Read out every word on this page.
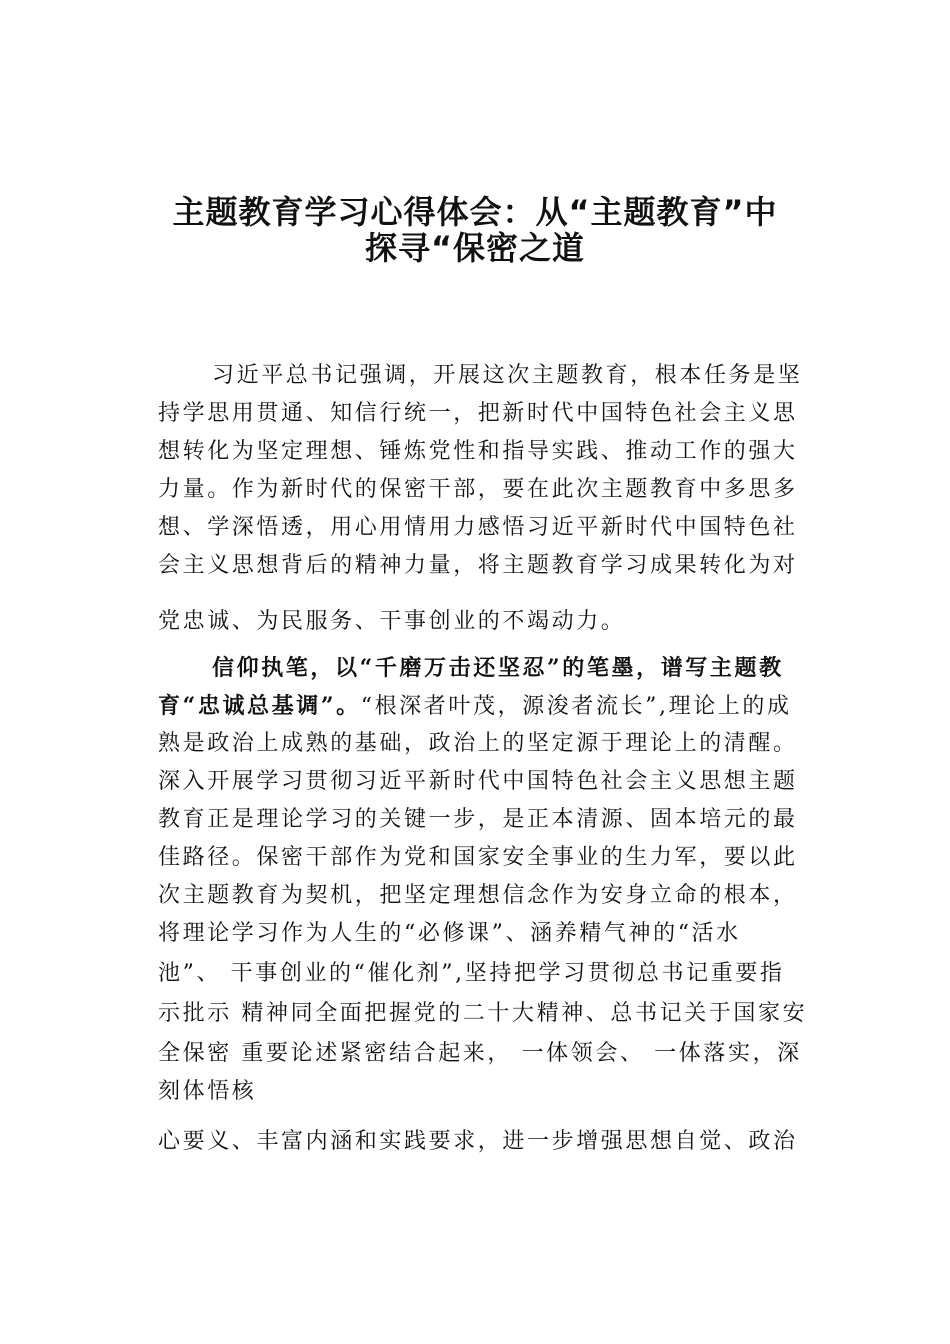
主题教育学习心得体会：从“主题教育”中
探寻“保密之道

习近平总书记强调，开展这次主题教育，根本任务是坚

持学思用贯通、知信行统一，把新时代中国特色社会主义思

想转化为坚定理想、锤炼党性和指导实践、推动工作的强大

力量。作为新时代的保密干部，要在此次主题教育中多思多

想、学深悟透，用心用情用力感悟习近平新时代中国特色社

会主义思想背后的精神力量，将主题教育学习成果转化为对

党忠诚、为民服务、干事创业的不竭动力。

信仰执笔，以“千磨万击还坚忍”的笔墨，谱写主题教

育“忠诚总基调”。“根深者叶茂，源浚者流长”,理论上的成

熟是政治上成熟的基础，政治上的坚定源于理论上的清醒。

深入开展学习贯彻习近平新时代中国特色社会主义思想主题

教育正是理论学习的关键一步，是正本清源、固本培元的最

佳路径。保密干部作为党和国家安全事业的生力军，要以此

次主题教育为契机，把坚定理想信念作为安身立命的根本，

将理论学习作为人生的“必修课”、涵养精气神的“活水

池”、 干事创业的“催化剂”,坚持把学习贯彻总书记重要指

示批示 精神同全面把握党的二十大精神、总书记关于国家安

全保密 重要论述紧密结合起来， 一体领会、 一体落实，深

刻体悟核

心要义、丰富内涵和实践要求，进一步增强思想自觉、政治
